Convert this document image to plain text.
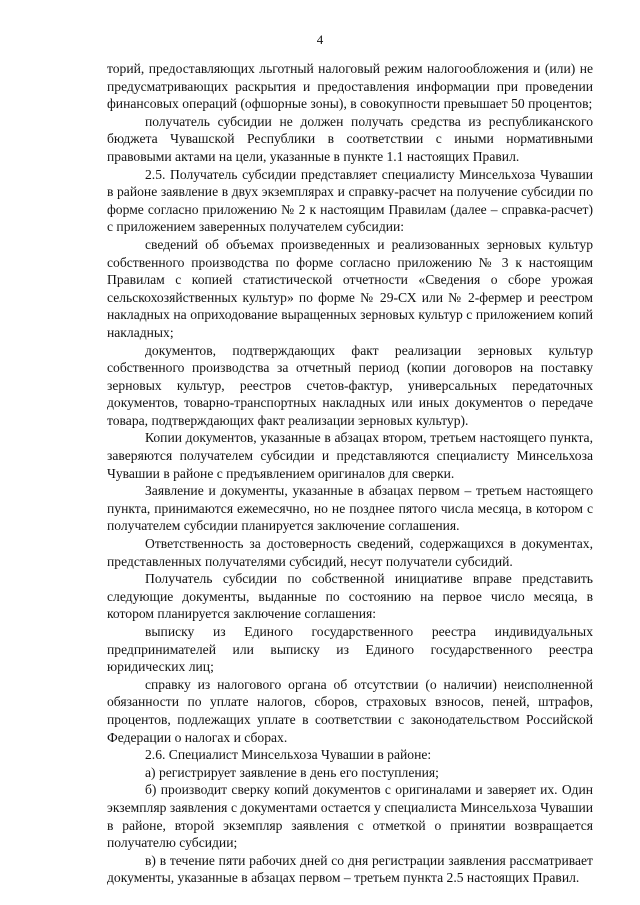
4

торий, предоставляющих льготный налоговый режим налогообложения и (или) не предусматривающих раскрытия и предоставления информации при проведении финансовых операций (офшорные зоны), в совокупности превышает 50 процентов;

получатель субсидии не должен получать средства из республиканского бюджета Чувашской Республики в соответствии с иными нормативными правовыми актами на цели, указанные в пункте 1.1 настоящих Правил.

2.5. Получатель субсидии представляет специалисту Минсельхоза Чувашии в районе заявление в двух экземплярах и справку-расчет на получение субсидии по форме согласно приложению № 2 к настоящим Правилам (далее – справка-расчет) с приложением заверенных получателем субсидии:

сведений об объемах произведенных и реализованных зерновых культур собственного производства по форме согласно приложению № 3 к настоящим Правилам с копией статистической отчетности «Сведения о сборе урожая сельскохозяйственных культур» по форме № 29-СХ или № 2-фермер и реестром накладных на оприходование выращенных зерновых культур с приложением копий накладных;

документов, подтверждающих факт реализации зерновых культур собственного производства за отчетный период (копии договоров на поставку зерновых культур, реестров счетов-фактур, универсальных передаточных документов, товарно-транспортных накладных или иных документов о передаче товара, подтверждающих факт реализации зерновых культур).

Копии документов, указанные в абзацах втором, третьем настоящего пункта, заверяются получателем субсидии и представляются специалисту Минсельхоза Чувашии в районе с предъявлением оригиналов для сверки.

Заявление и документы, указанные в абзацах первом – третьем настоящего пункта, принимаются ежемесячно, но не позднее пятого числа месяца, в котором с получателем субсидии планируется заключение соглашения.

Ответственность за достоверность сведений, содержащихся в документах, представленных получателями субсидий, несут получатели субсидий.

Получатель субсидии по собственной инициативе вправе представить следующие документы, выданные по состоянию на первое число месяца, в котором планируется заключение соглашения:

выписку из Единого государственного реестра индивидуальных предпринимателей или выписку из Единого государственного реестра юридических лиц;

справку из налогового органа об отсутствии (о наличии) неисполненной обязанности по уплате налогов, сборов, страховых взносов, пеней, штрафов, процентов, подлежащих уплате в соответствии с законодательством Российской Федерации о налогах и сборах.

2.6. Специалист Минсельхоза Чувашии в районе:

а) регистрирует заявление в день его поступления;

б) производит сверку копий документов с оригиналами и заверяет их. Один экземпляр заявления с документами остается у специалиста Минсельхоза Чувашии в районе, второй экземпляр заявления с отметкой о принятии возвращается получателю субсидии;

в) в течение пяти рабочих дней со дня регистрации заявления рассматривает документы, указанные в абзацах первом – третьем пункта 2.5 настоящих Правил.
